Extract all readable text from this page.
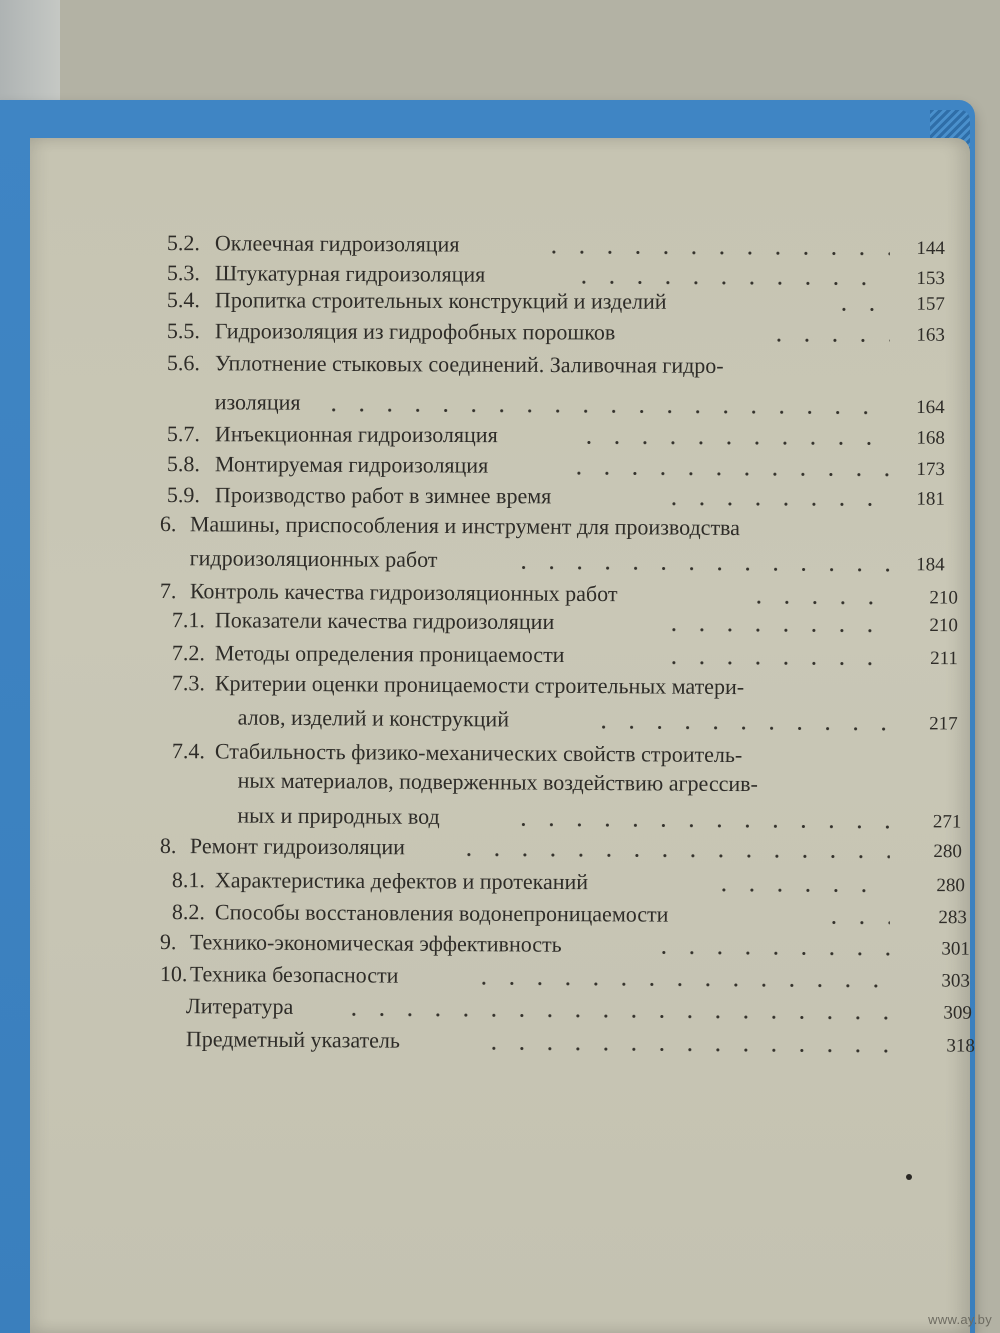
5.2. Оклеечная гидроизоляция	144
5.3. Штукатурная гидроизоляция	153
5.4. Пропитка строительных конструкций и изделий	157
5.5. Гидроизоляция из гидрофобных порошков	163
5.6. Уплотнение стыковых соединений. Заливочная гидро-
изоляция	164
5.7. Инъекционная гидроизоляция	168
5.8. Монтируемая гидроизоляция	173
5.9. Производство работ в зимнее время	181
6. Машины, приспособления и инструмент для производства
гидроизоляционных работ	184
7. Контроль качества гидроизоляционных работ	210
7.1. Показатели качества гидроизоляции	210
7.2. Методы определения проницаемости	211
7.3. Критерии оценки проницаемости строительных матери-
алов, изделий и конструкций	217
7.4. Стабильность физико-механических свойств строитель-
ных материалов, подверженных воздействию агрессив-
ных и природных вод	271
8. Ремонт гидроизоляции	280
8.1. Характеристика дефектов и протеканий	280
8.2. Способы восстановления водонепроницаемости	283
9. Технико-экономическая эффективность	301
10. Техника безопасности	303
Литература	309
Предметный указатель	318
www.ay.by
